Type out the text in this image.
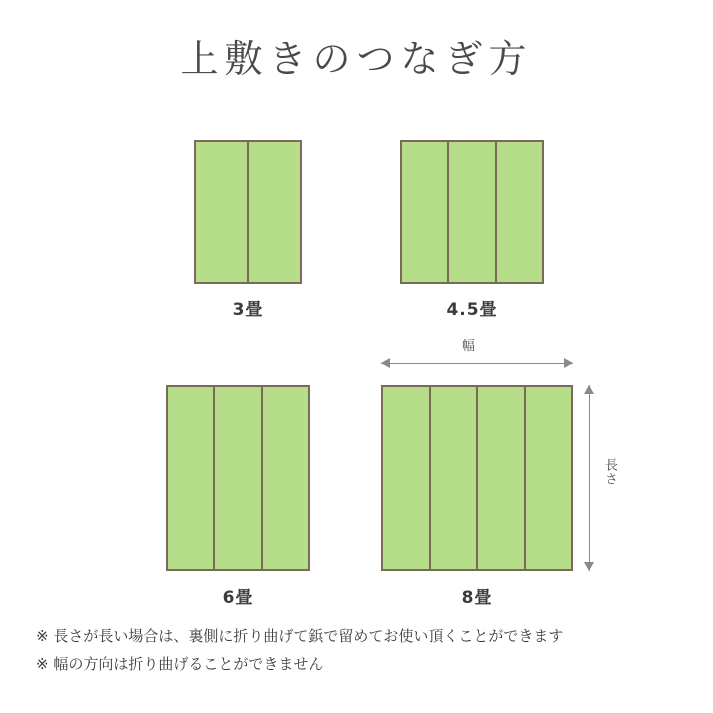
上敷きのつなぎ方
3畳	4.5畳
6畳	8畳
幅
長さ
※ 長さが長い場合は、裏側に折り曲げて鋲で留めてお使い頂くことができます
※ 幅の方向は折り曲げることができません
